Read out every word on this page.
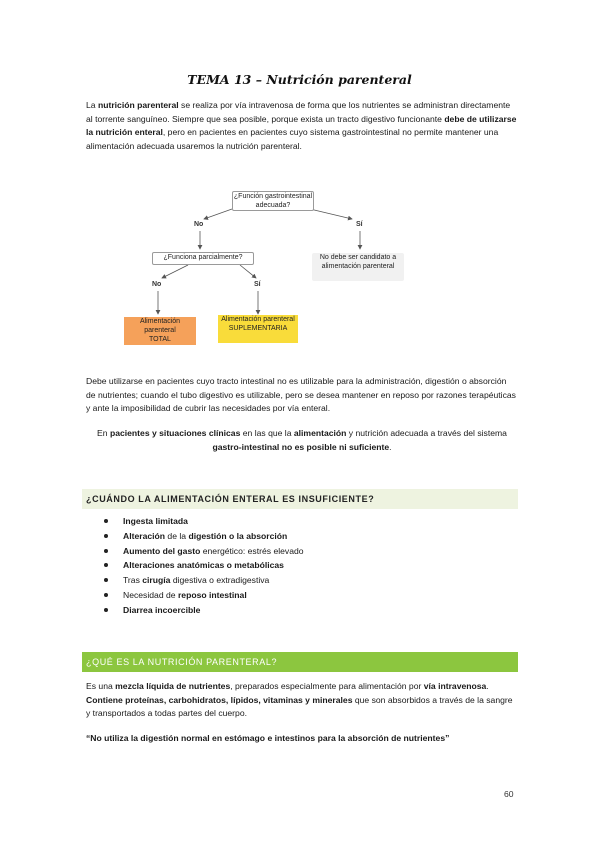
TEMA 13 – Nutrición parenteral
La nutrición parenteral se realiza por vía intravenosa de forma que los nutrientes se administran directamente al torrente sanguíneo. Siempre que sea posible, porque exista un tracto digestivo funcionante debe de utilizarse la nutrición enteral, pero en pacientes en pacientes cuyo sistema gastrointestinal no permite mantener una alimentación adecuada usaremos la nutrición parenteral.
¿Función gastrointestinal adecuada?
No	Sí
¿Funciona parcialmente?	No debe ser candidato a alimentación parenteral
No	Sí
Alimentación parenteral
TOTAL
Alimentación parenteral
SUPLEMENTARIA
Debe utilizarse en pacientes cuyo tracto intestinal no es utilizable para la administración, digestión o absorción de nutrientes; cuando el tubo digestivo es utilizable, pero se desea mantener en reposo por razones terapéuticas y ante la imposibilidad de cubrir las necesidades por vía enteral.
En pacientes y situaciones clínicas en las que la alimentación y nutrición adecuada a través del sistema gastro-intestinal no es posible ni suficiente.
¿CUÁNDO LA ALIMENTACIÓN ENTERAL ES INSUFICIENTE?
Ingesta limitada
Alteración de la digestión o la absorción
Aumento del gasto energético: estrés elevado
Alteraciones anatómicas o metabólicas
Tras cirugía digestiva o extradigestiva
Necesidad de reposo intestinal
Diarrea incoercible
¿QUÉ ES LA NUTRICIÓN PARENTERAL?
Es una mezcla líquida de nutrientes, preparados especialmente para alimentación por vía intravenosa. Contiene proteínas, carbohidratos, lípidos, vitaminas y minerales que son absorbidos a través de la sangre y transportados a todas partes del cuerpo.
“No utiliza la digestión normal en estómago e intestinos para la absorción de nutrientes”
60
